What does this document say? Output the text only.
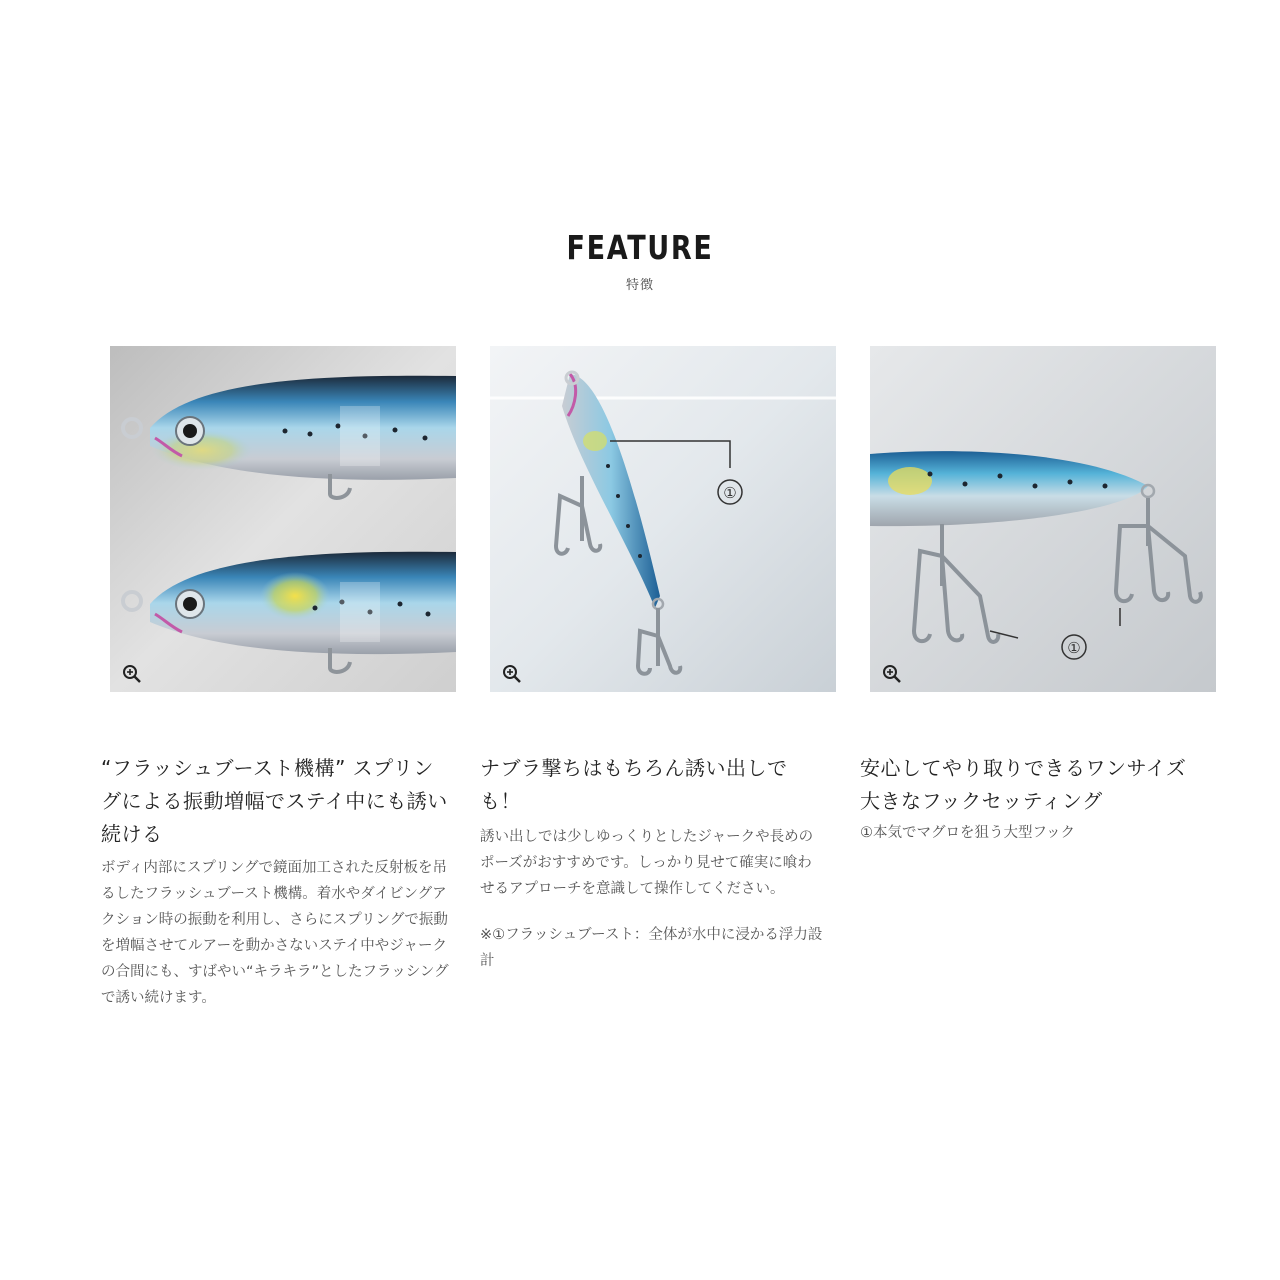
FEATURE
特徴
①
①
“フラッシュブースト機構” スプリングによる振動増幅でステイ中にも誘い続ける

ボディ内部にスプリングで鏡面加工された反射板を吊るしたフラッシュブースト機構。着水やダイビングアクション時の振動を利用し、さらにスプリングで振動を増幅させてルアーを動かさないステイ中やジャークの合間にも、すばやい“キラキラ”としたフラッシングで誘い続けます。

ナブラ撃ちはもちろん誘い出しでも！

誘い出しでは少しゆっくりとしたジャークや長めのポーズがおすすめです。しっかり見せて確実に喰わせるアプローチを意識して操作してください。

※①フラッシュブースト：全体が水中に浸かる浮力設計

安心してやり取りできるワンサイズ大きなフックセッティング

①本気でマグロを狙う大型フック
